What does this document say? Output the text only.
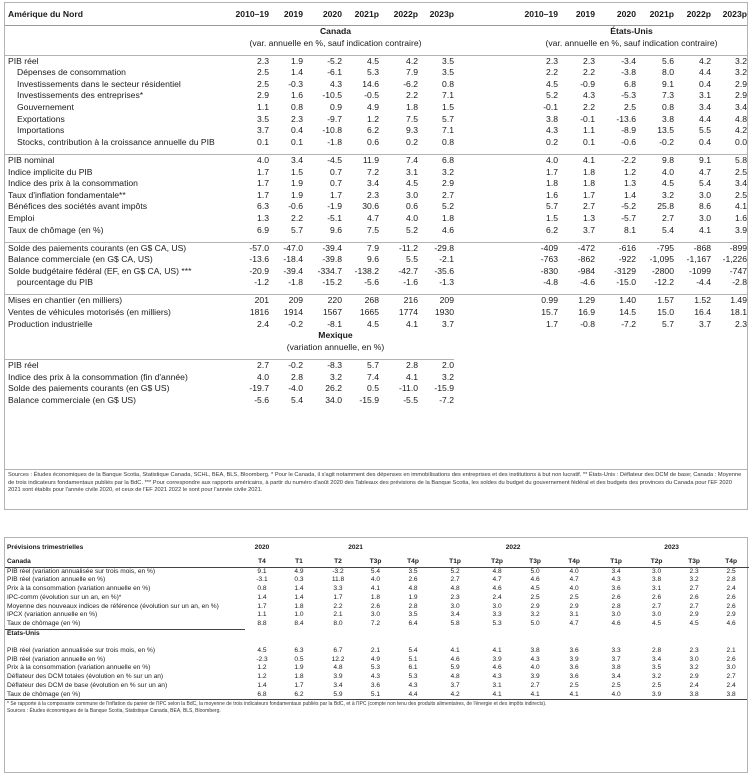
Amérique du Nord	2010–19	2019	2020	2021p	2022p	2023p		2010–19	2019	2020	2021p	2022p	2023p
	Canada							États-Unis					
	(var. annuelle en %, sauf indication contraire)							(var. annuelle en %, sauf indication contraire)					

PIB réel	2.3	1.9	-5.2	4.5	4.2	3.5		2.3	2.3	-3.4	5.6	4.2	3.2
Dépenses de consommation	2.5	1.4	-6.1	5.3	7.9	3.5		2.2	2.2	-3.8	8.0	4.4	3.2
Investissements dans le secteur résidentiel	2.5	-0.3	4.3	14.6	-6.2	0.8		4.5	-0.9	6.8	9.1	0.4	2.9
Investissements des entreprises*	2.9	1.6	-10.5	-0.5	2.2	7.1		5.2	4.3	-5.3	7.3	3.1	2.9
Gouvernement	1.1	0.8	0.9	4.9	1.8	1.5		-0.1	2.2	2.5	0.8	3.4	3.4
Exportations	3.5	2.3	-9.7	1.2	7.5	5.7		3.8	-0.1	-13.6	3.8	4.4	4.8
Importations	3.7	0.4	-10.8	6.2	9.3	7.1		4.3	1.1	-8.9	13.5	5.5	4.2
Stocks, contribution à la croissance annuelle du PIB	0.1	0.1	-1.8	0.6	0.2	0.8		0.2	0.1	-0.6	-0.2	0.4	0.0

PIB nominal	4.0	3.4	-4.5	11.9	7.4	6.8		4.0	4.1	-2.2	9.8	9.1	5.8
Indice implicite du PIB	1.7	1.5	0.7	7.2	3.1	3.2		1.7	1.8	1.2	4.0	4.7	2.5
Indice des prix à la consommation	1.7	1.9	0.7	3.4	4.5	2.9		1.8	1.8	1.3	4.5	5.4	3.4
Taux d'inflation fondamentale**	1.7	1.9	1.7	2.3	3.0	2.7		1.6	1.7	1.4	3.2	3.0	2.5
Bénéfices des sociétés avant impôts	6.3	-0.6	-1.9	30.6	0.6	5.2		5.7	2.7	-5.2	25.8	8.6	4.1
Emploi	1.3	2.2	-5.1	4.7	4.0	1.8		1.5	1.3	-5.7	2.7	3.0	1.6
Taux de chômage (en %)	6.9	5.7	9.6	7.5	5.2	4.6		6.2	3.7	8.1	5.4	4.1	3.9

Solde des paiements courants (en G$ CA, US)	-57.0	-47.0	-39.4	7.9	-11.2	-29.8		-409	-472	-616	-795	-868	-899
Balance commerciale (en G$ CA, US)	-13.6	-18.4	-39.8	9.6	5.5	-2.1		-763	-862	-922	-1,095	-1,167	-1,226
Solde budgétaire fédéral (EF, en G$ CA, US) ***	-20.9	-39.4	-334.7	-138.2	-42.7	-35.6		-830	-984	-3129	-2800	-1099	-747
pourcentage du PIB	-1.2	-1.8	-15.2	-5.6	-1.6	-1.3		-4.8	-4.6	-15.0	-12.2	-4.4	-2.8

Mises en chantier (en milliers)	201	209	220	268	216	209		0.99	1.29	1.40	1.57	1.52	1.49
Ventes de véhicules motorisés (en milliers)	1816	1914	1567	1665	1774	1930		15.7	16.9	14.5	15.0	16.4	18.1
Production industrielle	2.4	-0.2	-8.1	4.5	4.1	3.7		1.7	-0.8	-7.2	5.7	3.7	2.3
	Mexique												
	(variation annuelle, en %)												

PIB réel	2.7	-0.2	-8.3	5.7	2.8	2.0							
Indice des prix à la consommation (fin d'année)	4.0	2.8	3.2	7.4	4.1	3.2							
Solde des paiements courants (en G$ US)	-19.7	-4.0	26.2	0.5	-11.0	-15.9							
Balance commerciale (en G$ US)	-5.6	5.4	34.0	-15.9	-5.5	-7.2							
Sources : Études économiques de la Banque Scotia, Statistique Canada, SCHL, BEA, BLS, Bloomberg. * Pour le Canada, il s'agit notamment des dépenses en immobilisations des entreprises et des institutions à but non lucratif. ** États-Unis : Déflateur des DCM de base; Canada : Moyenne de trois indicateurs fondamentaux publiés par la BdC. *** Pour correspondre aux rapports américains, à partir du numéro d'août 2020 des Tableaux des prévisions de la Banque Scotia, les soldes du budget du gouvernement fédéral et des budgets des provinces du Canada pour l'EF 2020 2021 sont établis pour l'année civile 2020, et ceux de l'EF 2021 2022 le sont pour l'année civile 2021.
Prévisions trimestrielles	2020	2021				2022				2023			
Canada	T4	T1	T2	T3p	T4p	T1p	T2p	T3p	T4p	T1p	T2p	T3p	T4p
PIB réel (variation annualisée sur trois mois, en %)	9.1	4.9	-3.2	5.4	3.5	5.2	4.8	5.0	4.0	3.4	3.0	2.3	2.5
PIB réel (variation annuelle en %)	-3.1	0.3	11.8	4.0	2.6	2.7	4.7	4.6	4.7	4.3	3.8	3.2	2.8
Prix à la consommation (variation annuelle en %)	0.8	1.4	3.3	4.1	4.8	4.8	4.6	4.5	4.0	3.6	3.1	2.7	2.4
IPC-comm (évolution sur un an, en %)*	1.4	1.4	1.7	1.8	1.9	2.3	2.4	2.5	2.5	2.6	2.6	2.6	2.6
Moyenne des nouveaux indices de référence (évolution sur un an, en %)	1.7	1.8	2.2	2.6	2.8	3.0	3.0	2.9	2.9	2.8	2.7	2.7	2.6
IPCX (variation annuelle en %)	1.1	1.0	2.1	3.0	3.5	3.4	3.3	3.2	3.1	3.0	3.0	2.9	2.9
Taux de chômage (en %)	8.8	8.4	8.0	7.2	6.4	5.8	5.3	5.0	4.7	4.6	4.5	4.5	4.6
États-Unis													

PIB réel (variation annualisée sur trois mois, en %)	4.5	6.3	6.7	2.1	5.4	4.1	4.1	3.8	3.6	3.3	2.8	2.3	2.1
PIB réel (variation annuelle en %)	-2.3	0.5	12.2	4.9	5.1	4.6	3.9	4.3	3.9	3.7	3.4	3.0	2.6
Prix à la consommation (variation annuelle en %)	1.2	1.9	4.8	5.3	6.1	5.9	4.6	4.0	3.6	3.8	3.5	3.2	3.0
Déflateur des DCM totales (évolution en % sur un an)	1.2	1.8	3.9	4.3	5.3	4.8	4.3	3.9	3.6	3.4	3.2	2.9	2.7
Déflateur des DCM de base (évolution en % sur un an)	1.4	1.7	3.4	3.6	4.3	3.7	3.1	2.7	2.5	2.5	2.5	2.4	2.4
Taux de chômage (en %)	6.8	6.2	5.9	5.1	4.4	4.2	4.1	4.1	4.1	4.0	3.9	3.8	3.8
* Se rapporte à la composante commune de l'inflation du panier de l'IPC selon la BdC, la moyenne de trois indicateurs fondamentaux publiés par la BdC, et à l'IPC (compte non tenu des produits alimentaires, de l'énergie et des impôts indirects).
Sources : Études économiques de la Banque Scotia, Statistique Canada, BEA, BLS, Bloomberg.
